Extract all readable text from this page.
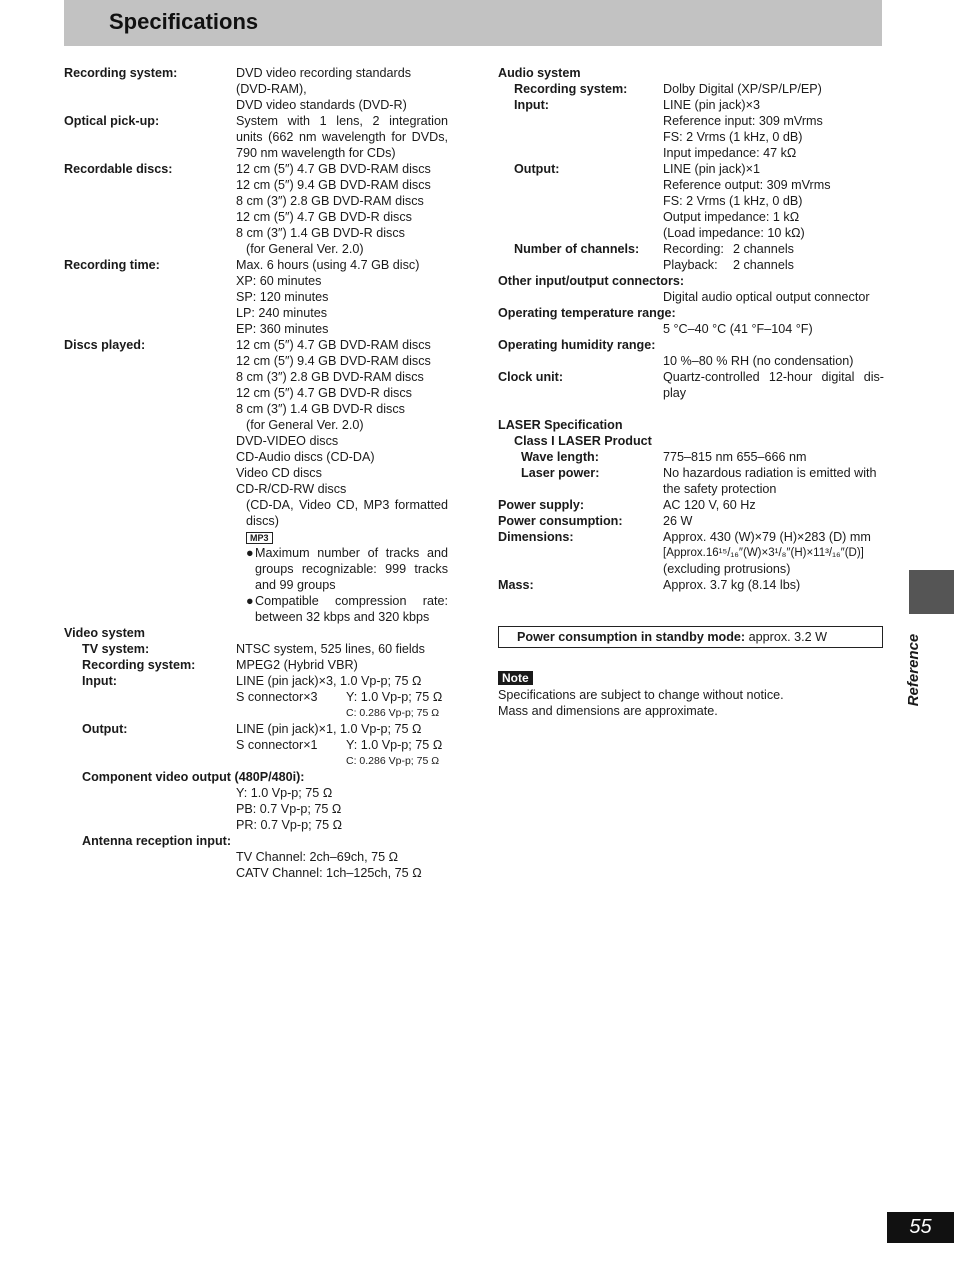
Specifications
Recording system:	DVD video recording standards
(DVD-RAM),
DVD video standards (DVD-R)
Optical pick-up:	System with 1 lens, 2 integration
units (662 nm wavelength for DVDs,
790 nm wavelength for CDs)
Recordable discs:	12 cm (5″) 4.7 GB DVD-RAM discs
12 cm (5″) 9.4 GB DVD-RAM discs
8 cm (3″) 2.8 GB DVD-RAM discs
12 cm (5″) 4.7 GB DVD-R discs
8 cm (3″) 1.4 GB DVD-R discs
(for General Ver. 2.0)
Recording time:	Max. 6 hours (using 4.7 GB disc)
XP: 60 minutes
SP: 120 minutes
LP: 240 minutes
EP: 360 minutes
Discs played:	12 cm (5″) 4.7 GB DVD-RAM discs
12 cm (5″) 9.4 GB DVD-RAM discs
8 cm (3″) 2.8 GB DVD-RAM discs
12 cm (5″) 4.7 GB DVD-R discs
8 cm (3″) 1.4 GB DVD-R discs
(for General Ver. 2.0)
DVD-VIDEO discs
CD-Audio discs (CD-DA)
Video CD discs
CD-R/CD-RW discs
(CD-DA, Video CD, MP3 formatted
discs)
MP3
● Maximum number of tracks and groups recognizable: 999 tracks and 99 groups
● Compatible compression rate: between 32 kbps and 320 kbps
Video system
TV system:	NTSC system, 525 lines, 60 fields
Recording system:	MPEG2 (Hybrid VBR)
Input:	LINE (pin jack)×3, 1.0 Vp-p; 75 Ω
S connector×3	Y: 1.0 Vp-p; 75 Ω
C: 0.286 Vp-p; 75 Ω
Output:	LINE (pin jack)×1, 1.0 Vp-p; 75 Ω
S connector×1	Y: 1.0 Vp-p; 75 Ω
C: 0.286 Vp-p; 75 Ω
Component video output (480P/480i):
Y: 1.0 Vp-p; 75 Ω
PB: 0.7 Vp-p; 75 Ω
PR: 0.7 Vp-p; 75 Ω
Antenna reception input:
TV Channel: 2ch–69ch, 75 Ω
CATV Channel: 1ch–125ch, 75 Ω
Audio system
Recording system:	Dolby Digital (XP/SP/LP/EP)
Input:	LINE (pin jack)×3
Reference input: 309 mVrms
FS: 2 Vrms (1 kHz, 0 dB)
Input impedance: 47 kΩ
Output:	LINE (pin jack)×1
Reference output: 309 mVrms
FS: 2 Vrms (1 kHz, 0 dB)
Output impedance: 1 kΩ
(Load impedance: 10 kΩ)
Number of channels:	Recording: 2 channels
Playback:	2 channels
Other input/output connectors:
Digital audio optical output connector
Operating temperature range:
5 °C–40 °C (41 °F–104 °F)
Operating humidity range:
10 %–80 % RH (no condensation)
Clock unit:	Quartz-controlled 12-hour digital dis-
play
LASER Specification
Class I LASER Product
Wave length:	775–815 nm 655–666 nm
Laser power:	No hazardous radiation is emitted with
the safety protection
Power supply:	AC 120 V, 60 Hz
Power consumption:	26 W
Dimensions:	Approx. 430 (W)×79 (H)×283 (D) mm
[Approx.16¹⁵/₁₆″(W)×3¹/₈″(H)×11³/₁₆″(D)]
(excluding protrusions)
Mass:	Approx. 3.7 kg (8.14 lbs)
Power consumption in standby mode: approx. 3.2 W
Note
Specifications are subject to change without notice.
Mass and dimensions are approximate.
Reference
55
